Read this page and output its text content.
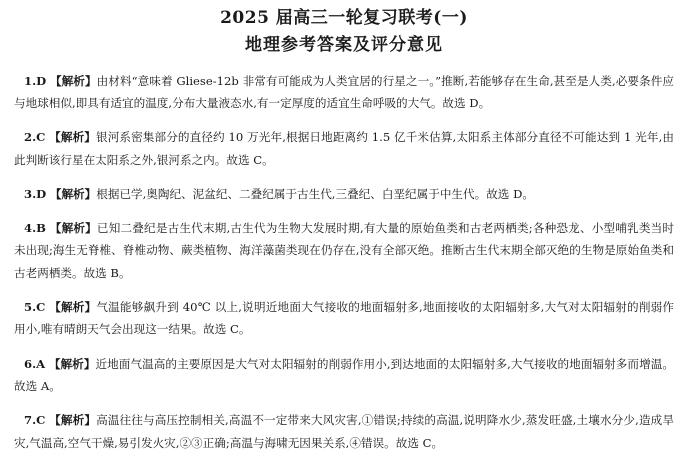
2025 届高三一轮复习联考(一)
地理参考答案及评分意见

1.D 【解析】由材料“意味着 Gliese-12b 非常有可能成为人类宜居的行星之一。”推断,若能够存在生命,甚至是人类,必要条件应与地球相似,即具有适宜的温度,分布大量液态水,有一定厚度的适宜生命呼吸的大气。故选 D。

2.C 【解析】银河系密集部分的直径约 10 万光年,根据日地距离约 1.5 亿千米估算,太阳系主体部分直径不可能达到 1 光年,由此判断该行星在太阳系之外,银河系之内。故选 C。

3.D 【解析】根据已学,奥陶纪、泥盆纪、二叠纪属于古生代,三叠纪、白垩纪属于中生代。故选 D。

4.B 【解析】已知二叠纪是古生代末期,古生代为生物大发展时期,有大量的原始鱼类和古老两栖类;各种恐龙、小型哺乳类当时未出现;海生无脊椎、脊椎动物、蕨类植物、海洋藻菌类现在仍存在,没有全部灭绝。推断古生代末期全部灭绝的生物是原始鱼类和古老两栖类。故选 B。

5.C 【解析】气温能够飙升到 40℃ 以上,说明近地面大气接收的地面辐射多,地面接收的太阳辐射多,大气对太阳辐射的削弱作用小,唯有晴朗天气会出现这一结果。故选 C。

6.A 【解析】近地面气温高的主要原因是大气对太阳辐射的削弱作用小,到达地面的太阳辐射多,大气接收的地面辐射多而增温。故选 A。

7.C 【解析】高温往往与高压控制相关,高温不一定带来大风灾害,①错误;持续的高温,说明降水少,蒸发旺盛,土壤水分少,造成旱灾,气温高,空气干燥,易引发火灾,②③正确;高温与海啸无因果关系,④错误。故选 C。
